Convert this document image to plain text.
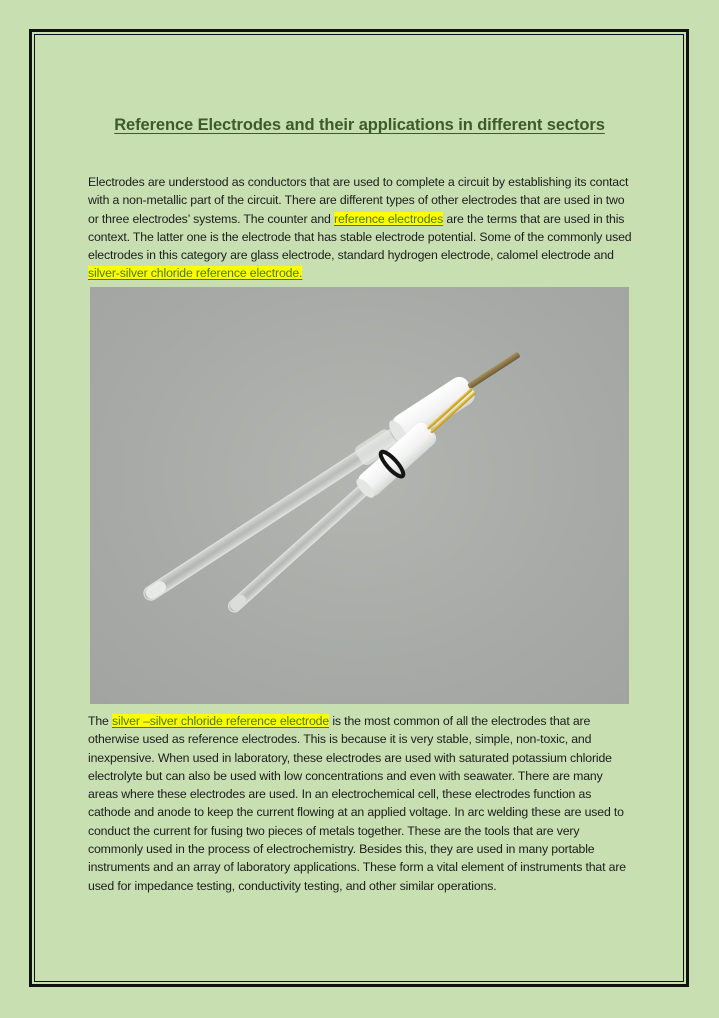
Reference Electrodes and their applications in different sectors

Electrodes are understood as conductors that are used to complete a circuit by establishing its contact with a non-metallic part of the circuit. There are different types of other electrodes that are used in two or three electrodes’ systems. The counter and reference electrodes are the terms that are used in this context. The latter one is the electrode that has stable electrode potential. Some of the commonly used electrodes in this category are glass electrode, standard hydrogen electrode, calomel electrode and silver-silver chloride reference electrode.

The silver –silver chloride reference electrode is the most common of all the electrodes that are otherwise used as reference electrodes. This is because it is very stable, simple, non-toxic, and inexpensive. When used in laboratory, these electrodes are used with saturated potassium chloride electrolyte but can also be used with low concentrations and even with seawater. There are many areas where these electrodes are used. In an electrochemical cell, these electrodes function as cathode and anode to keep the current flowing at an applied voltage. In arc welding these are used to conduct the current for fusing two pieces of metals together. These are the tools that are very commonly used in the process of electrochemistry. Besides this, they are used in many portable instruments and an array of laboratory applications. These form a vital element of instruments that are used for impedance testing, conductivity testing, and other similar operations.
